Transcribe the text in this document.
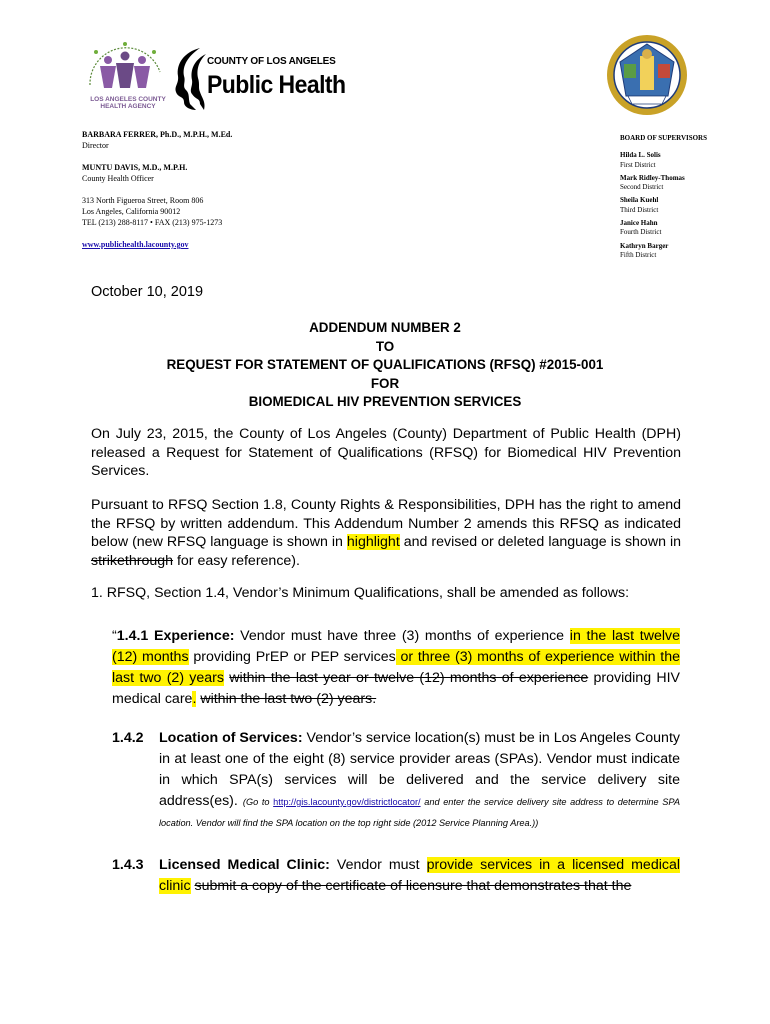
LOS ANGELES COUNTY
HEALTH AGENCY
COUNTY OF LOS ANGELES
Public Health
BARBARA FERRER, Ph.D., M.P.H., M.Ed.
Director
MUNTU DAVIS, M.D., M.P.H.
County Health Officer
313 North Figueroa Street, Room 806
Los Angeles, California 90012
TEL (213) 288-8117 • FAX (213) 975-1273
www.publichealth.lacounty.gov
BOARD OF SUPERVISORS
Hilda L. Solis
First District
Mark Ridley-Thomas
Second District
Sheila Kuehl
Third District
Janice Hahn
Fourth District
Kathryn Barger
Fifth District
October 10, 2019
ADDENDUM NUMBER 2
TO
REQUEST FOR STATEMENT OF QUALIFICATIONS (RFSQ) #2015-001
FOR
BIOMEDICAL HIV PREVENTION SERVICES
On July 23, 2015, the County of Los Angeles (County) Department of Public Health (DPH) released a Request for Statement of Qualifications (RFSQ) for Biomedical HIV Prevention Services.
Pursuant to RFSQ Section 1.8, County Rights & Responsibilities, DPH has the right to amend the RFSQ by written addendum. This Addendum Number 2 amends this RFSQ as indicated below (new RFSQ language is shown in highlight and revised or deleted language is shown in strikethrough for easy reference).
1. RFSQ, Section 1.4, Vendor’s Minimum Qualifications, shall be amended as follows:
“1.4.1 Experience: Vendor must have three (3) months of experience in the last twelve (12) months providing PrEP or PEP services or three (3) months of experience within the last two (2) years within the last year or twelve (12) months of experience providing HIV medical care. within the last two (2) years.
1.4.2 Location of Services: Vendor’s service location(s) must be in Los Angeles County in at least one of the eight (8) service provider areas (SPAs). Vendor must indicate in which SPA(s) services will be delivered and the service delivery site address(es). (Go to http://gis.lacounty.gov/districtlocator/ and enter the service delivery site address to determine SPA location. Vendor will find the SPA location on the top right side (2012 Service Planning Area.))
1.4.3 Licensed Medical Clinic: Vendor must provide services in a licensed medical clinic submit a copy of the certificate of licensure that demonstrates that the
